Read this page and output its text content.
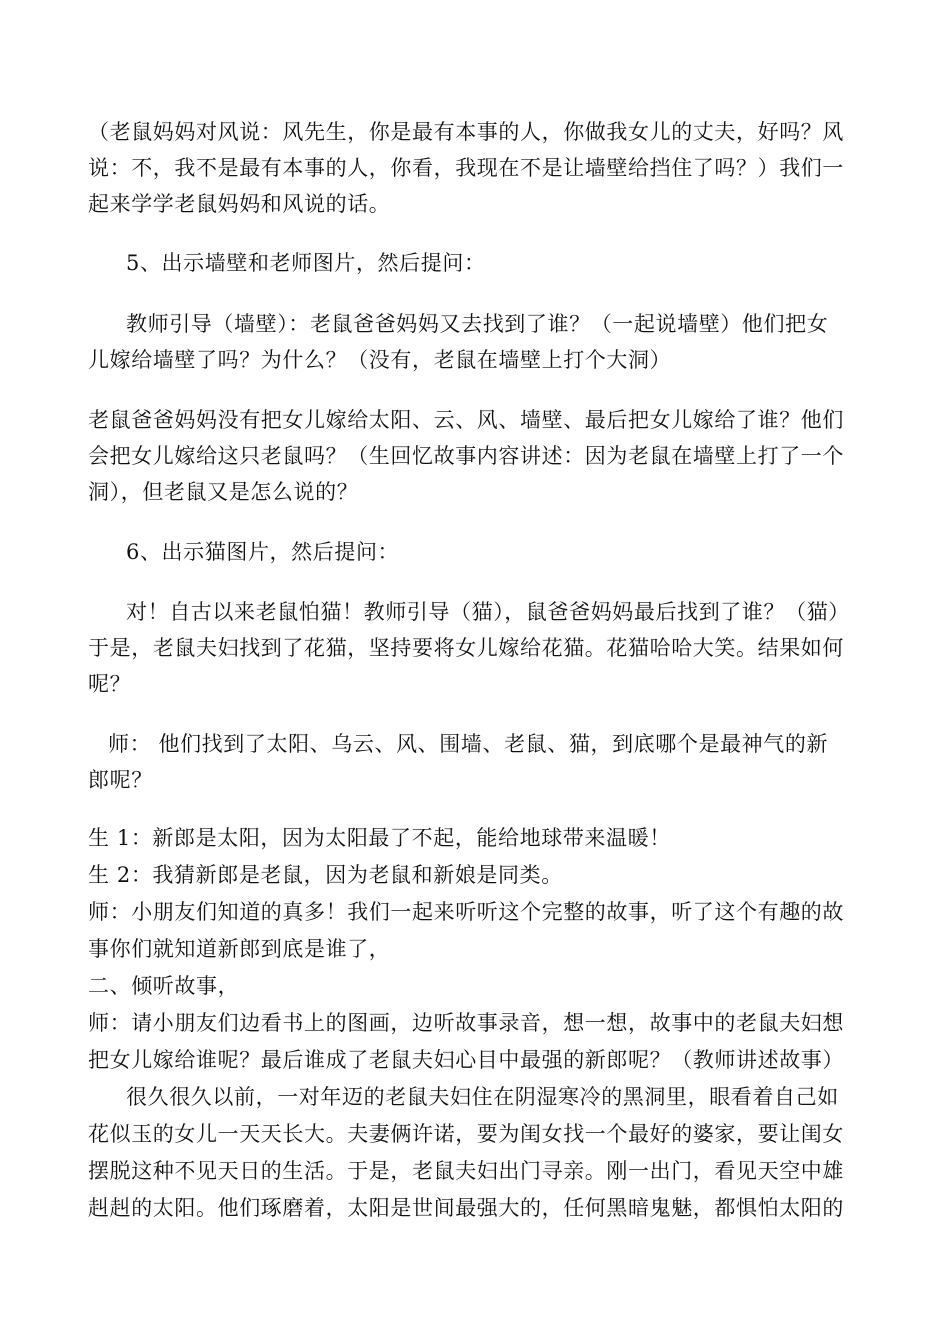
（老鼠妈妈对风说：风先生，你是最有本事的人，你做我女儿的丈夫，好吗？风
说：不，我不是最有本事的人，你看，我现在不是让墙壁给挡住了吗？）我们一
起来学学老鼠妈妈和风说的话。
5、出示墙壁和老师图片，然后提问：
教师引导（墙壁）：老鼠爸爸妈妈又去找到了谁？（一起说墙壁）他们把女
儿嫁给墙壁了吗？为什么？（没有，老鼠在墙壁上打个大洞）
老鼠爸爸妈妈没有把女儿嫁给太阳、云、风、墙壁、最后把女儿嫁给了谁？他们
会把女儿嫁给这只老鼠吗？（生回忆故事内容讲述：因为老鼠在墙壁上打了一个
洞），但老鼠又是怎么说的？
6、出示猫图片，然后提问：
对！自古以来老鼠怕猫！教师引导（猫），鼠爸爸妈妈最后找到了谁？（猫）
于是，老鼠夫妇找到了花猫，坚持要将女儿嫁给花猫。花猫哈哈大笑。结果如何
呢？
师： 他们找到了太阳、乌云、风、围墙、老鼠、猫，到底哪个是最神气的新
郎呢？
生 1：新郎是太阳，因为太阳最了不起，能给地球带来温暖！
生 2：我猜新郎是老鼠，因为老鼠和新娘是同类。
师：小朋友们知道的真多！我们一起来听听这个完整的故事，听了这个有趣的故
事你们就知道新郎到底是谁了，
二、倾听故事，
师：请小朋友们边看书上的图画，边听故事录音，想一想，故事中的老鼠夫妇想
把女儿嫁给谁呢？最后谁成了老鼠夫妇心目中最强的新郎呢？（教师讲述故事）
很久很久以前，一对年迈的老鼠夫妇住在阴湿寒冷的黑洞里，眼看着自己如
花似玉的女儿一天天长大。夫妻俩许诺，要为闺女找一个最好的婆家，要让闺女
摆脱这种不见天日的生活。于是，老鼠夫妇出门寻亲。刚一出门，看见天空中雄
赳赳的太阳。他们琢磨着，太阳是世间最强大的，任何黑暗鬼魅，都惧怕太阳的
